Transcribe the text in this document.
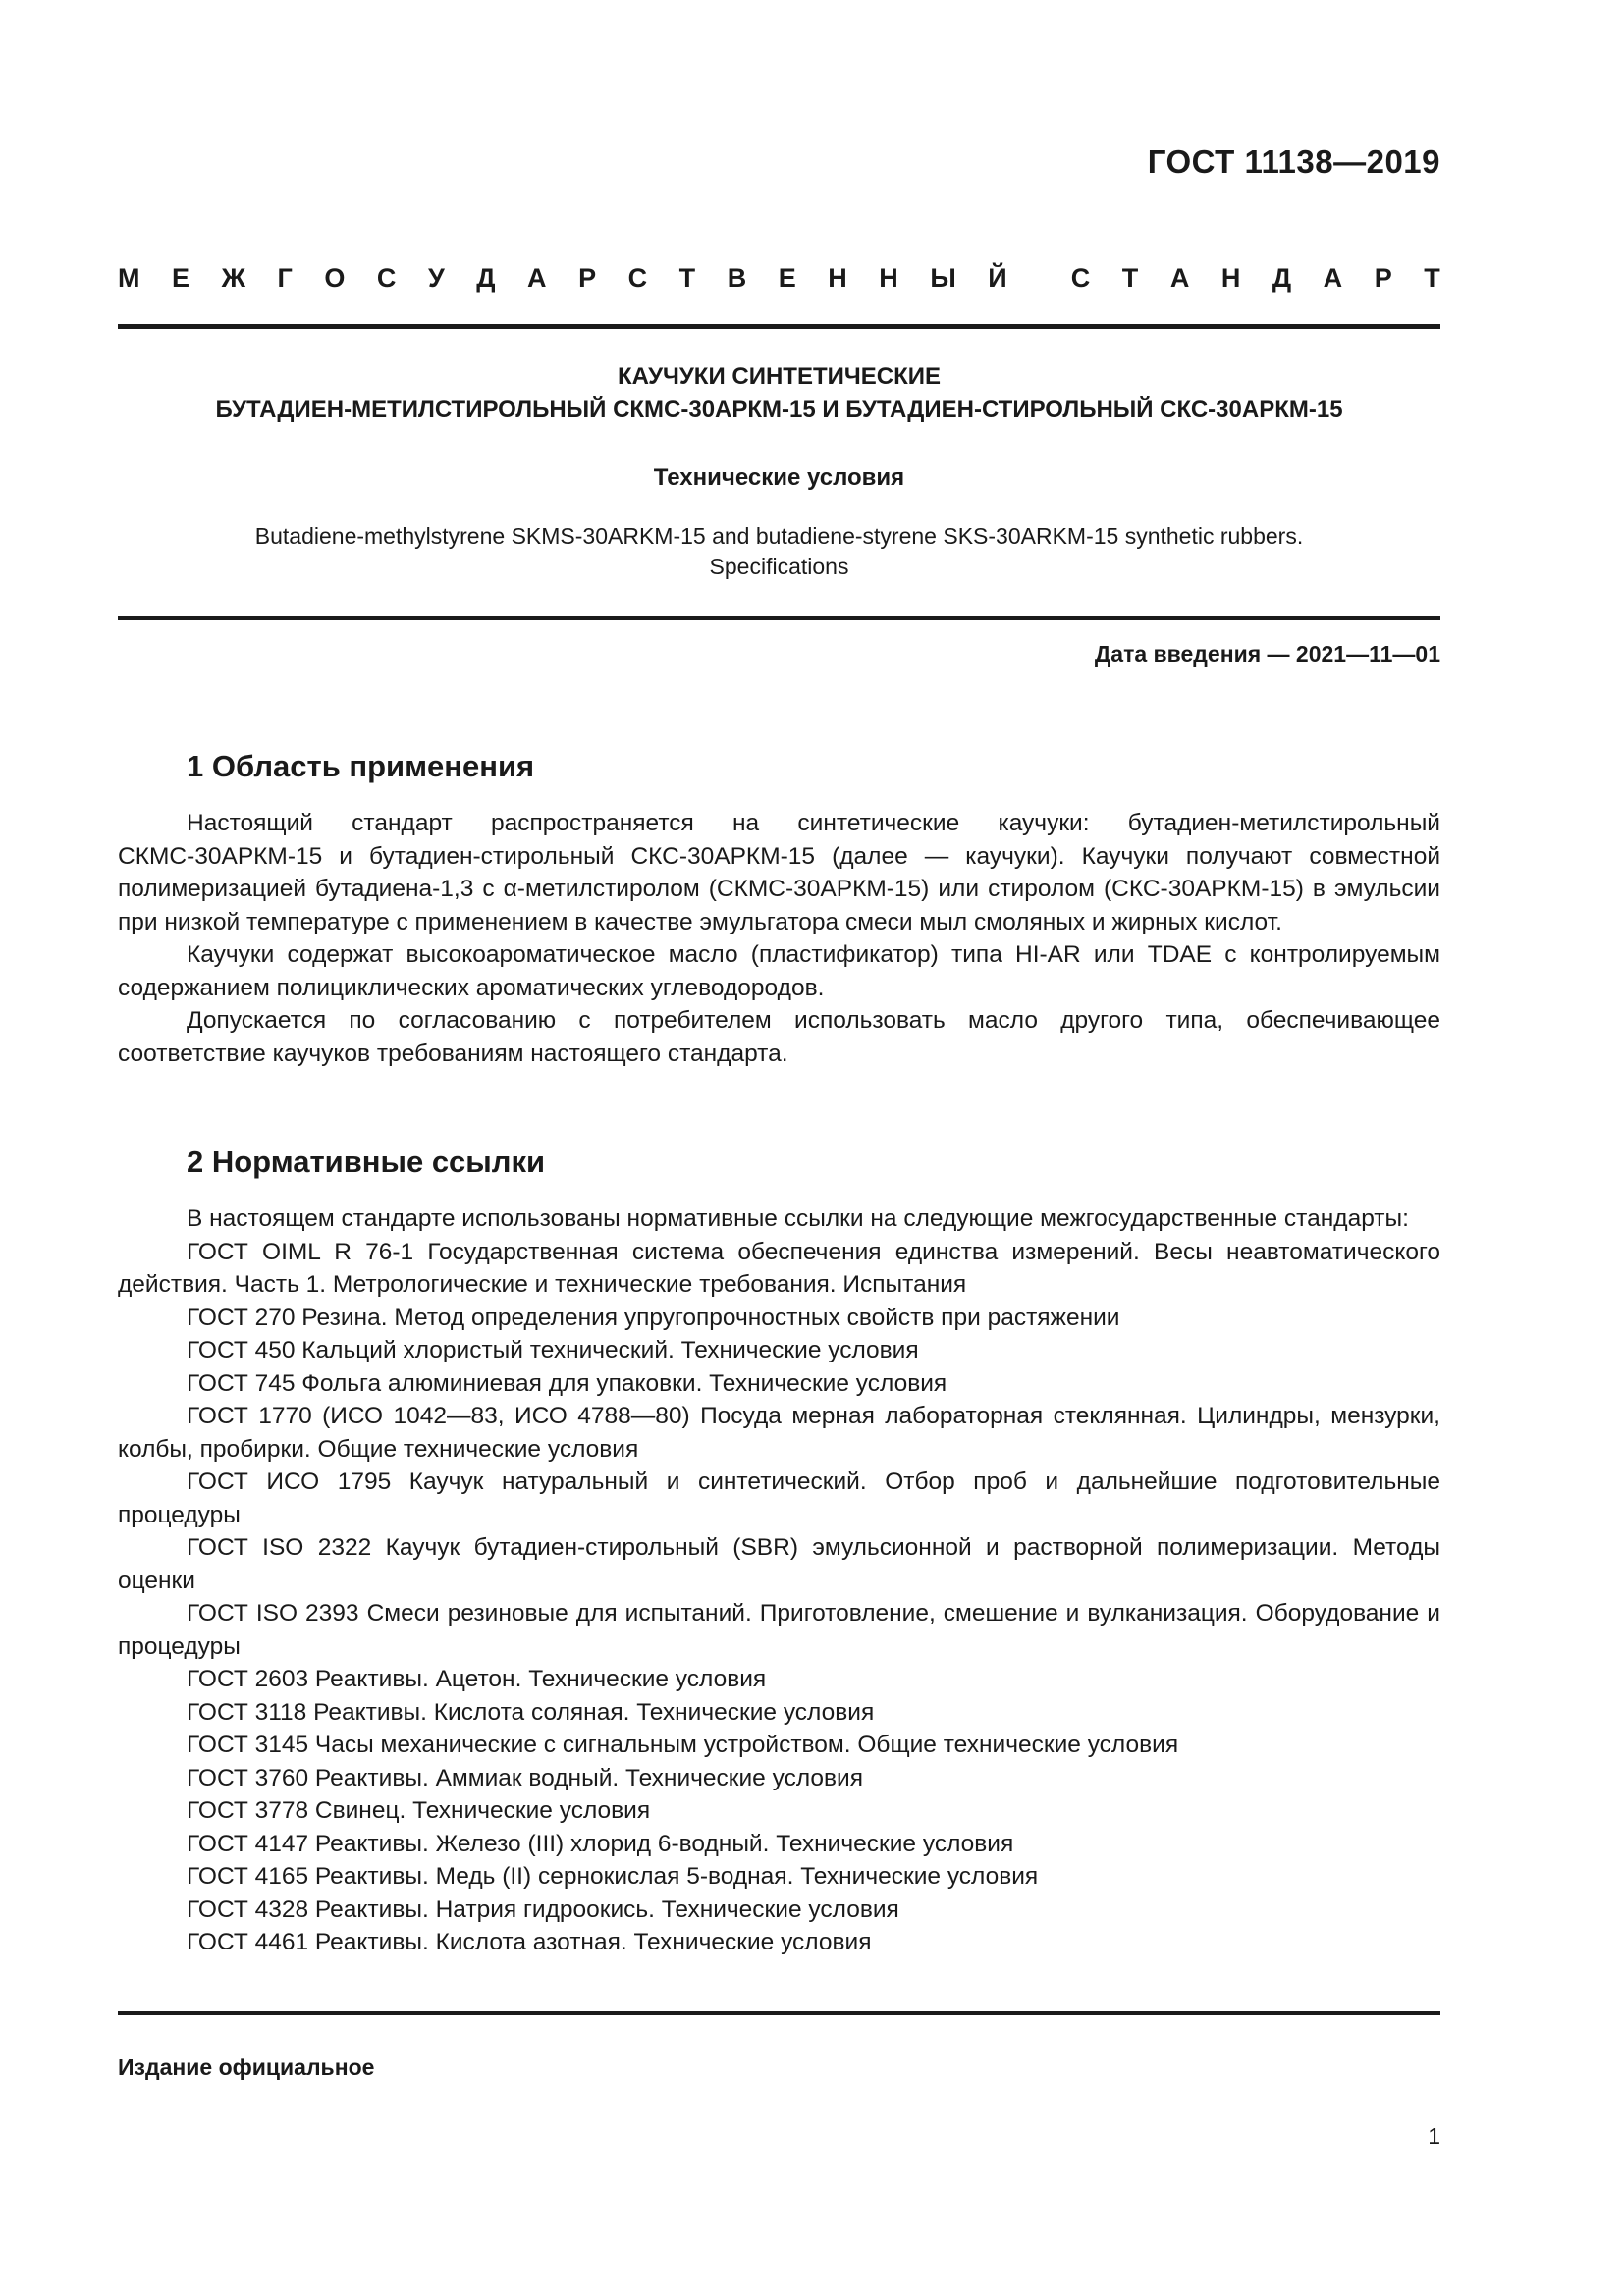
ГОСТ 11138—2019
М Е Ж Г О С У Д А Р С Т В Е Н Н Ы Й С Т А Н Д А Р Т
КАУЧУКИ СИНТЕТИЧЕСКИЕ
БУТАДИЕН-МЕТИЛСТИРОЛЬНЫЙ СКМС-30АРКМ-15 И БУТАДИЕН-СТИРОЛЬНЫЙ СКС-30АРКМ-15
Технические условия
Butadiene-methylstyrene SKMS-30ARKM-15 and butadiene-styrene SKS-30ARKM-15 synthetic rubbers.
Specifications
Дата введения — 2021—11—01
1 Область применения

Настоящий стандарт распространяется на синтетические каучуки: бутадиен-метилстирольный СКМС-30АРКМ-15 и бутадиен-стирольный СКС-30АРКМ-15 (далее — каучуки). Каучуки получают совместной полимеризацией бутадиена-1,3 с α-метилстиролом (СКМС-30АРКМ-15) или стиролом (СКС-30АРКМ-15) в эмульсии при низкой температуре с применением в качестве эмульгатора смеси мыл смоляных и жирных кислот.

Каучуки содержат высокоароматическое масло (пластификатор) типа HI-AR или TDAE с контролируемым содержанием полициклических ароматических углеводородов.

Допускается по согласованию с потребителем использовать масло другого типа, обеспечивающее соответствие каучуков требованиям настоящего стандарта.

2 Нормативные ссылки

В настоящем стандарте использованы нормативные ссылки на следующие межгосударственные стандарты:

ГОСТ OIML R 76-1 Государственная система обеспечения единства измерений. Весы неавтоматического действия. Часть 1. Метрологические и технические требования. Испытания

ГОСТ 270 Резина. Метод определения упругопрочностных свойств при растяжении

ГОСТ 450 Кальций хлористый технический. Технические условия

ГОСТ 745 Фольга алюминиевая для упаковки. Технические условия

ГОСТ 1770 (ИСО 1042—83, ИСО 4788—80) Посуда мерная лабораторная стеклянная. Цилиндры, мензурки, колбы, пробирки. Общие технические условия

ГОСТ ИСО 1795 Каучук натуральный и синтетический. Отбор проб и дальнейшие подготовительные процедуры

ГОСТ ISO 2322 Каучук бутадиен-стирольный (SBR) эмульсионной и растворной полимеризации. Методы оценки

ГОСТ ISO 2393 Смеси резиновые для испытаний. Приготовление, смешение и вулканизация. Оборудование и процедуры

ГОСТ 2603 Реактивы. Ацетон. Технические условия

ГОСТ 3118 Реактивы. Кислота соляная. Технические условия

ГОСТ 3145 Часы механические с сигнальным устройством. Общие технические условия

ГОСТ 3760 Реактивы. Аммиак водный. Технические условия

ГОСТ 3778 Свинец. Технические условия

ГОСТ 4147 Реактивы. Железо (III) хлорид 6-водный. Технические условия

ГОСТ 4165 Реактивы. Медь (II) сернокислая 5-водная. Технические условия

ГОСТ 4328 Реактивы. Натрия гидроокись. Технические условия

ГОСТ 4461 Реактивы. Кислота азотная. Технические условия

Издание официальное
1
